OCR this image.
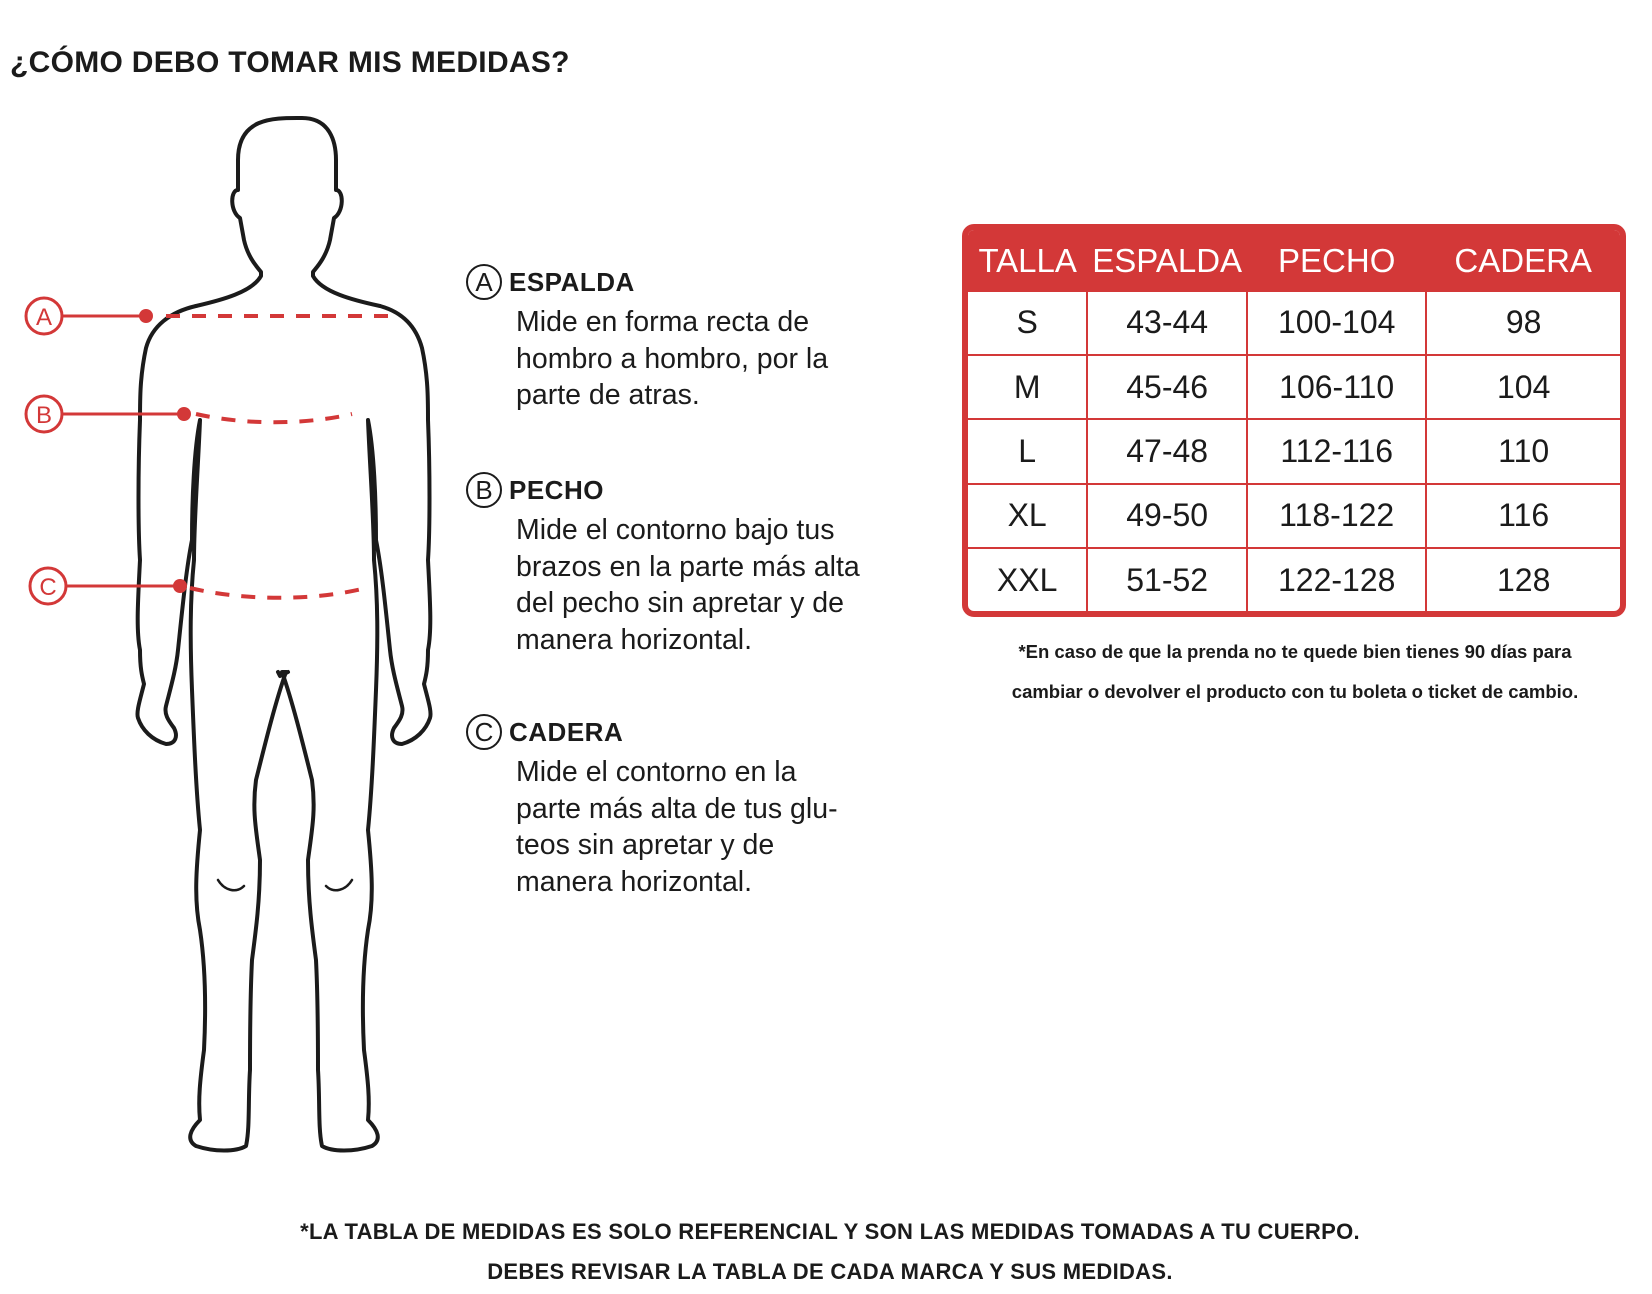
¿CÓMO DEBO TOMAR MIS MEDIDAS?
A
B
C
A ESPALDA

Mide en forma recta de
hombro a hombro, por la
parte de atras.

B PECHO

Mide el contorno bajo tus
brazos en la parte más alta
del pecho sin apretar y de
manera horizontal.

C CADERA

Mide el contorno en la
parte más alta de tus glu-
teos sin apretar y de
manera horizontal.

TALLA	ESPALDA	PECHO	CADERA
S	43-44	100-104	98
M	45-46	106-110	104
L	47-48	112-116	110
XL	49-50	118-122	116
XXL	51-52	122-128	128

*En caso de que la prenda no te quede bien tienes 90 días para
cambiar o devolver el producto con tu boleta o ticket de cambio.

*LA TABLA DE MEDIDAS ES SOLO REFERENCIAL Y SON LAS MEDIDAS TOMADAS A TU CUERPO.
DEBES REVISAR LA TABLA DE CADA MARCA Y SUS MEDIDAS.
